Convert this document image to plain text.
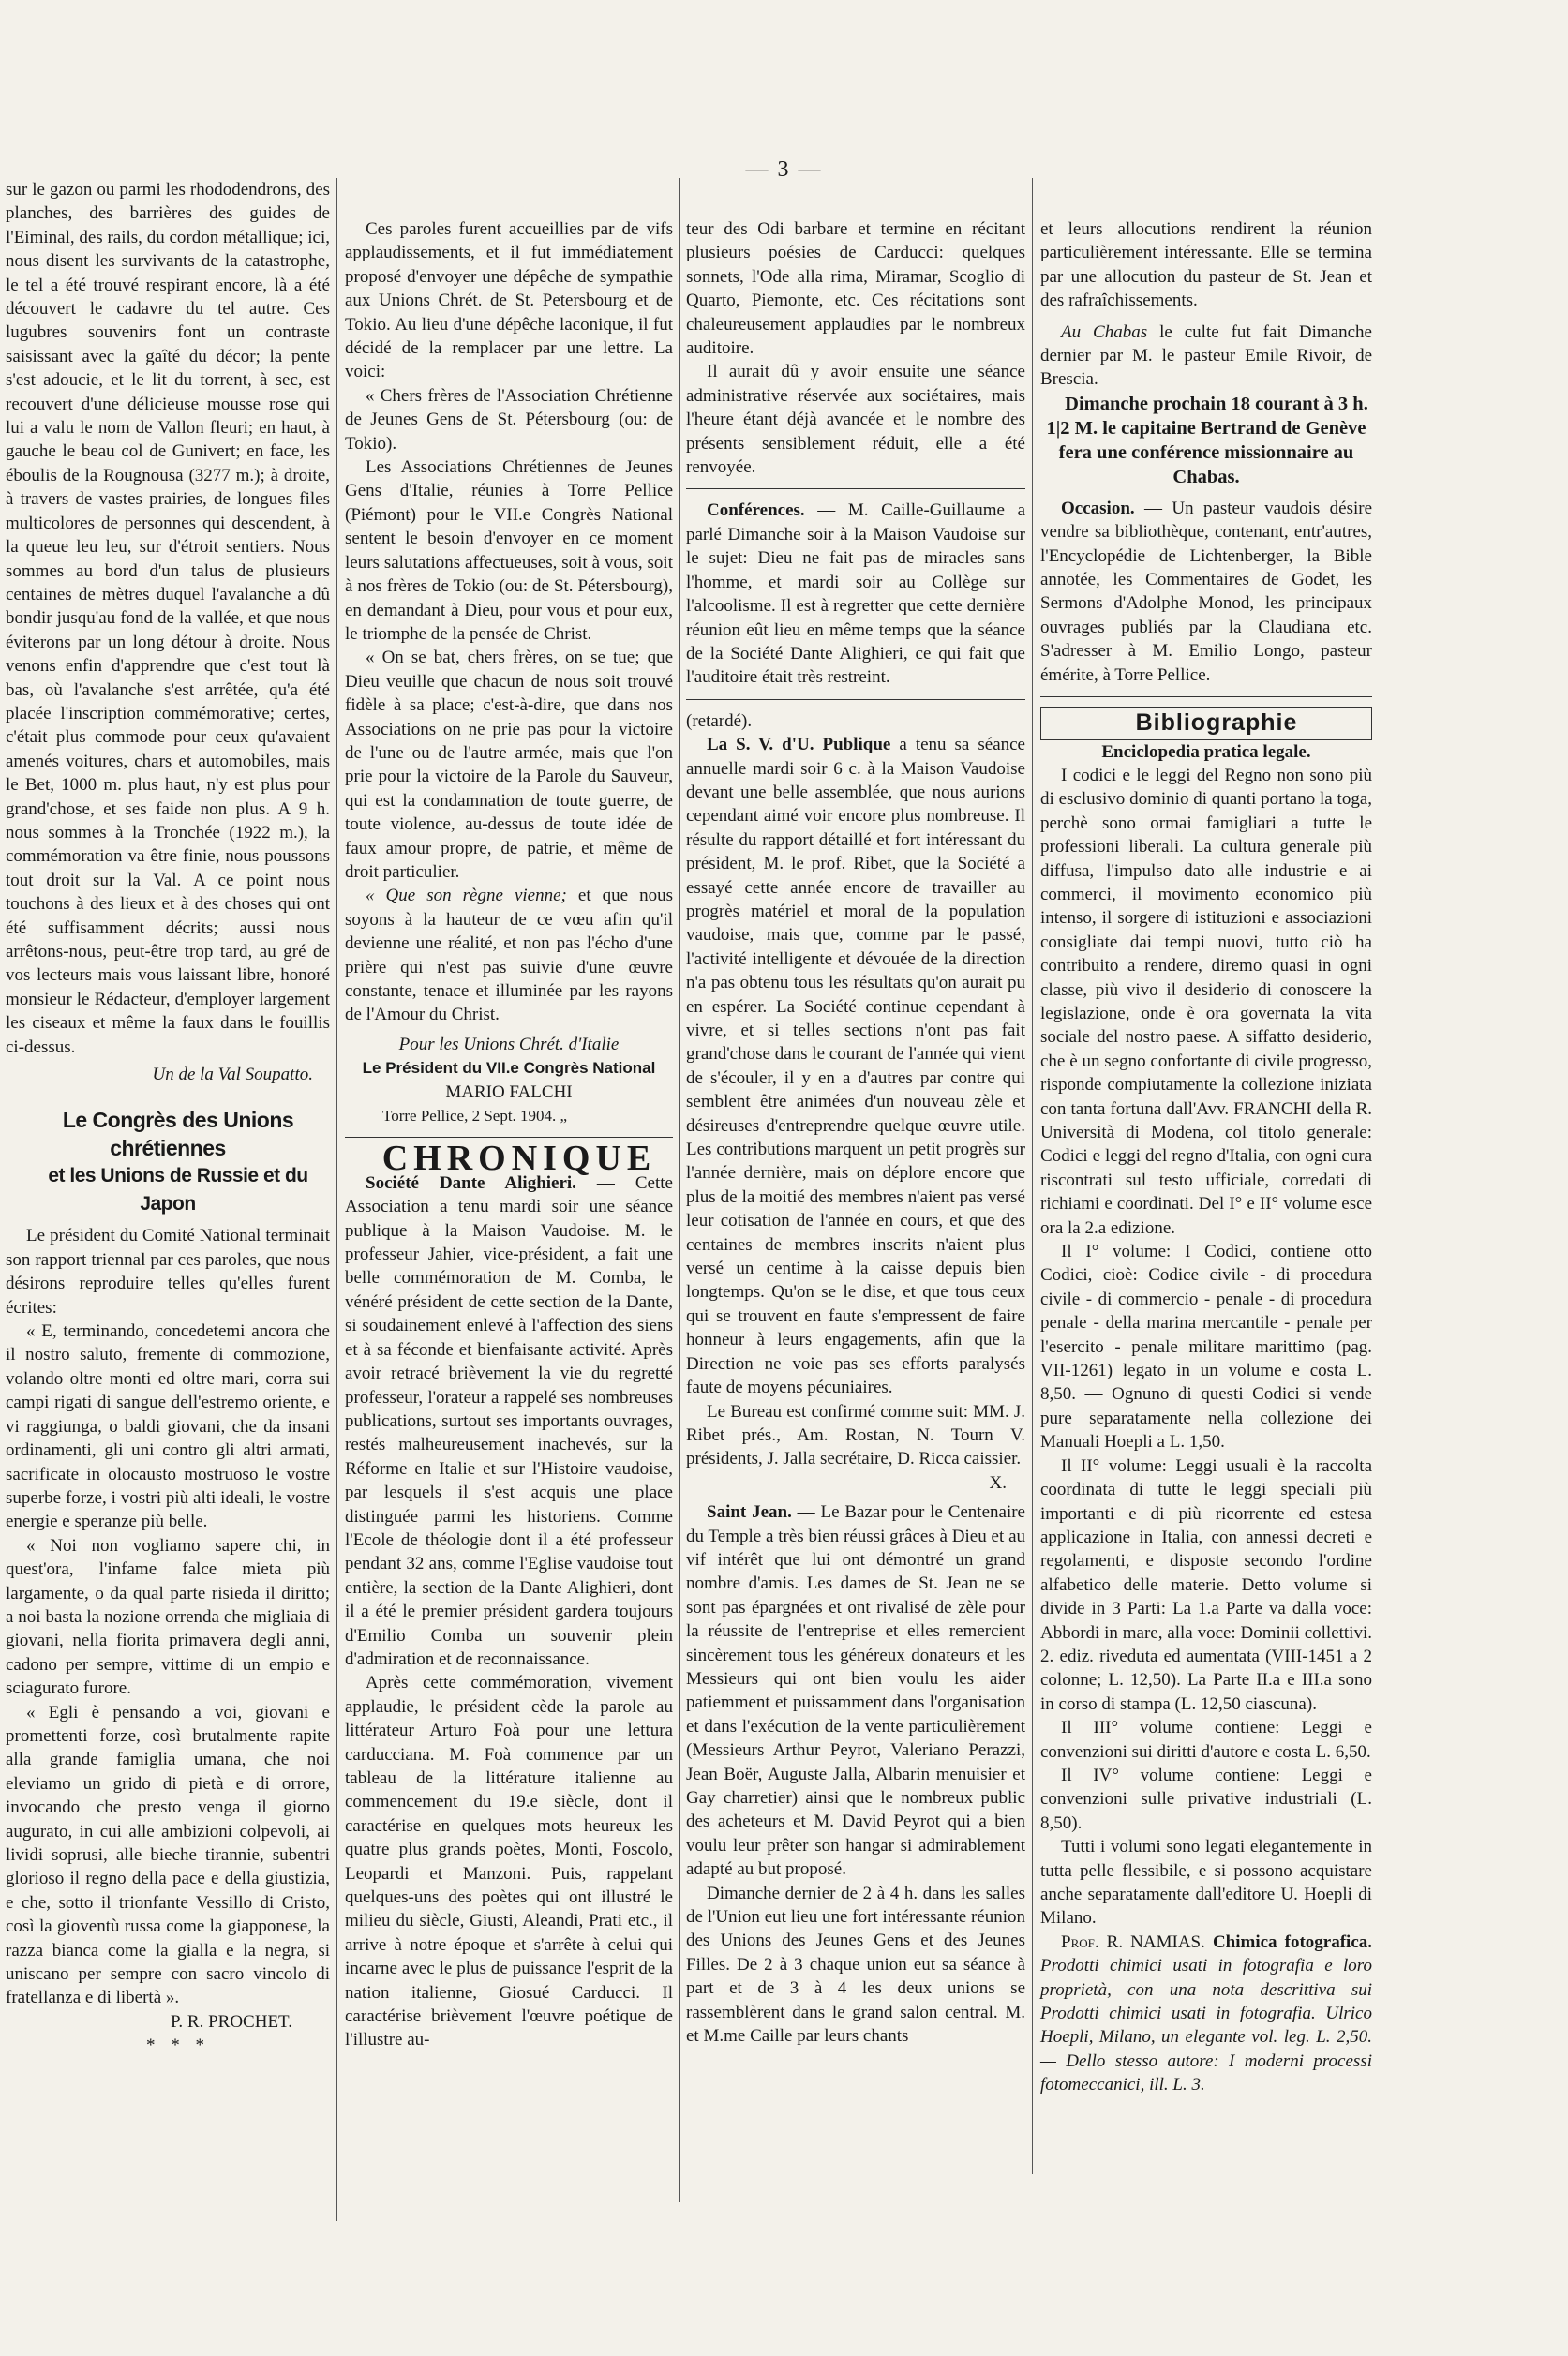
— 3 —

sur le gazon ou parmi les rhododendrons, des planches, des barrières des guides de l'Eiminal, des rails, du cordon métallique; ici, nous disent les survivants de la catastrophe, le tel a été trouvé respirant encore, là a été découvert le cadavre du tel autre. Ces lugubres souvenirs font un contraste saisissant avec la gaîté du décor; la pente s'est adoucie, et le lit du torrent, à sec, est recouvert d'une délicieuse mousse rose qui lui a valu le nom de Vallon fleuri; en haut, à gauche le beau col de Gunivert; en face, les éboulis de la Rougnousa (3277 m.); à droite, à travers de vastes prairies, de longues files multicolores de personnes qui descendent, à la queue leu leu, sur d'étroit sentiers. Nous sommes au bord d'un talus de plusieurs centaines de mètres duquel l'avalanche a dû bondir jusqu'au fond de la vallée, et que nous éviterons par un long détour à droite. Nous venons enfin d'apprendre que c'est tout là bas, où l'avalanche s'est arrêtée, qu'a été placée l'inscription commémorative; certes, c'était plus commode pour ceux qu'avaient amenés voitures, chars et automobiles, mais le Bet, 1000 m. plus haut, n'y est plus pour grand'chose, et ses faide non plus. A 9 h. nous sommes à la Tronchée (1922 m.), la commémoration va être finie, nous poussons tout droit sur la Val. A ce point nous touchons à des lieux et à des choses qui ont été suffisamment décrits; aussi nous arrêtons-nous, peut-être trop tard, au gré de vos lecteurs mais vous laissant libre, honoré monsieur le Rédacteur, d'employer largement les ciseaux et même la faux dans le fouillis ci-dessus.

Un de la Val Soupatto.

Le Congrès des Unions chrétiennes

et les Unions de Russie et du Japon

Le président du Comité National terminait son rapport triennal par ces paroles, que nous désirons reproduire telles qu'elles furent écrites:

« E, terminando, concedetemi ancora che il nostro saluto, fremente di commozione, volando oltre monti ed oltre mari, corra sui campi rigati di sangue dell'estremo oriente, e vi raggiunga, o baldi giovani, che da insani ordinamenti, gli uni contro gli altri armati, sacrificate in olocausto mostruoso le vostre superbe forze, i vostri più alti ideali, le vostre energie e speranze più belle.

« Noi non vogliamo sapere chi, in quest'ora, l'infame falce mieta più largamente, o da qual parte risieda il diritto; a noi basta la nozione orrenda che migliaia di giovani, nella fiorita primavera degli anni, cadono per sempre, vittime di un empio e sciagurato furore.

« Egli è pensando a voi, giovani e promettenti forze, così brutalmente rapite alla grande famiglia umana, che noi eleviamo un grido di pietà e di orrore, invocando che presto venga il giorno augurato, in cui alle ambizioni colpevoli, ai lividi soprusi, alle bieche tirannie, subentri glorioso il regno della pace e della giustizia, e che, sotto il trionfante Vessillo di Cristo, così la gioventù russa come la giapponese, la razza bianca come la gialla e la negra, si uniscano per sempre con sacro vincolo di fratellanza e di libertà ».

P. R. PROCHET.

* * *

Ces paroles furent accueillies par de vifs applaudissements, et il fut immédiatement proposé d'envoyer une dépêche de sympathie aux Unions Chrét. de St. Petersbourg et de Tokio. Au lieu d'une dépêche laconique, il fut décidé de la remplacer par une lettre. La voici:

« Chers frères de l'Association Chrétienne de Jeunes Gens de St. Pétersbourg (ou: de Tokio).

Les Associations Chrétiennes de Jeunes Gens d'Italie, réunies à Torre Pellice (Piémont) pour le VII.e Congrès National sentent le besoin d'envoyer en ce moment leurs salutations affectueuses, soit à vous, soit à nos frères de Tokio (ou: de St. Pétersbourg), en demandant à Dieu, pour vous et pour eux, le triomphe de la pensée de Christ.

« On se bat, chers frères, on se tue; que Dieu veuille que chacun de nous soit trouvé fidèle à sa place; c'est-à-dire, que dans nos Associations on ne prie pas pour la victoire de l'une ou de l'autre armée, mais que l'on prie pour la victoire de la Parole du Sauveur, qui est la condamnation de toute guerre, de toute violence, au-dessus de toute idée de faux amour propre, de patrie, et même de droit particulier.

« Que son règne vienne; et que nous soyons à la hauteur de ce vœu afin qu'il devienne une réalité, et non pas l'écho d'une prière qui n'est pas suivie d'une œuvre constante, tenace et illuminée par les rayons de l'Amour du Christ.

Pour les Unions Chrét. d'Italie

Le Président du VII.e Congrès National

MARIO FALCHI

Torre Pellice, 2 Sept. 1904. „

CHRONIQUE

Société Dante Alighieri. — Cette Association a tenu mardi soir une séance publique à la Maison Vaudoise. M. le professeur Jahier, vice-président, a fait une belle commémoration de M. Comba, le vénéré président de cette section de la Dante, si soudainement enlevé à l'affection des siens et à sa féconde et bienfaisante activité. Après avoir retracé brièvement la vie du regretté professeur, l'orateur a rappelé ses nombreuses publications, surtout ses importants ouvrages, restés malheureusement inachevés, sur la Réforme en Italie et sur l'Histoire vaudoise, par lesquels il s'est acquis une place distinguée parmi les historiens. Comme l'Ecole de théologie dont il a été professeur pendant 32 ans, comme l'Eglise vaudoise tout entière, la section de la Dante Alighieri, dont il a été le premier président gardera toujours d'Emilio Comba un souvenir plein d'admiration et de reconnaissance.

Après cette commémoration, vivement applaudie, le président cède la parole au littérateur Arturo Foà pour une lettura carducciana. M. Foà commence par un tableau de la littérature italienne au commencement du 19.e siècle, dont il caractérise en quelques mots heureux les quatre plus grands poètes, Monti, Foscolo, Leopardi et Manzoni. Puis, rappelant quelques-uns des poètes qui ont illustré le milieu du siècle, Giusti, Aleandi, Prati etc., il arrive à notre époque et s'arrête à celui qui incarne avec le plus de puissance l'esprit de la nation italienne, Giosué Carducci. Il caractérise brièvement l'œuvre poétique de l'illustre au-

teur des Odi barbare et termine en récitant plusieurs poésies de Carducci: quelques sonnets, l'Ode alla rima, Miramar, Scoglio di Quarto, Piemonte, etc. Ces récitations sont chaleureusement applaudies par le nombreux auditoire.

Il aurait dû y avoir ensuite une séance administrative réservée aux sociétaires, mais l'heure étant déjà avancée et le nombre des présents sensiblement réduit, elle a été renvoyée.

Conférences. — M. Caille-Guillaume a parlé Dimanche soir à la Maison Vaudoise sur le sujet: Dieu ne fait pas de miracles sans l'homme, et mardi soir au Collège sur l'alcoolisme. Il est à regretter que cette dernière réunion eût lieu en même temps que la séance de la Société Dante Alighieri, ce qui fait que l'auditoire était très restreint.

(retardé).

La S. V. d'U. Publique a tenu sa séance annuelle mardi soir 6 c. à la Maison Vaudoise devant une belle assemblée, que nous aurions cependant aimé voir encore plus nombreuse. Il résulte du rapport détaillé et fort intéressant du président, M. le prof. Ribet, que la Société a essayé cette année encore de travailler au progrès matériel et moral de la population vaudoise, mais que, comme par le passé, l'activité intelligente et dévouée de la direction n'a pas obtenu tous les résultats qu'on aurait pu en espérer. La Société continue cependant à vivre, et si telles sections n'ont pas fait grand'chose dans le courant de l'année qui vient de s'écouler, il y en a d'autres par contre qui semblent être animées d'un nouveau zèle et désireuses d'entreprendre quelque œuvre utile. Les contributions marquent un petit progrès sur l'année dernière, mais on déplore encore que plus de la moitié des membres n'aient pas versé leur cotisation de l'année en cours, et que des centaines de membres inscrits n'aient plus versé un centime à la caisse depuis bien longtemps. Qu'on se le dise, et que tous ceux qui se trouvent en faute s'empressent de faire honneur à leurs engagements, afin que la Direction ne voie pas ses efforts paralysés faute de moyens pécuniaires.

Le Bureau est confirmé comme suit: MM. J. Ribet prés., Am. Rostan, N. Tourn V. présidents, J. Jalla secrétaire, D. Ricca caissier.

X.

Saint Jean. — Le Bazar pour le Centenaire du Temple a très bien réussi grâces à Dieu et au vif intérêt que lui ont démontré un grand nombre d'amis. Les dames de St. Jean ne se sont pas épargnées et ont rivalisé de zèle pour la réussite de l'entreprise et elles remercient sincèrement tous les généreux donateurs et les Messieurs qui ont bien voulu les aider patiemment et puissamment dans l'organisation et dans l'exécution de la vente particulièrement (Messieurs Arthur Peyrot, Valeriano Perazzi, Jean Boër, Auguste Jalla, Albarin menuisier et Gay charretier) ainsi que le nombreux public des acheteurs et M. David Peyrot qui a bien voulu leur prêter son hangar si admirablement adapté au but proposé.

Dimanche dernier de 2 à 4 h. dans les salles de l'Union eut lieu une fort intéressante réunion des Unions des Jeunes Gens et des Jeunes Filles. De 2 à 3 chaque union eut sa séance à part et de 3 à 4 les deux unions se rassemblèrent dans le grand salon central. M. et M.me Caille par leurs chants

et leurs allocutions rendirent la réunion particulièrement intéressante. Elle se termina par une allocution du pasteur de St. Jean et des rafraîchissements.

Au Chabas le culte fut fait Dimanche dernier par M. le pasteur Emile Rivoir, de Brescia.

Dimanche prochain 18 courant à 3 h. 1|2 M. le capitaine Bertrand de Genève fera une conférence missionnaire au Chabas.

Occasion. — Un pasteur vaudois désire vendre sa bibliothèque, contenant, entr'autres, l'Encyclopédie de Lichtenberger, la Bible annotée, les Commentaires de Godet, les Sermons d'Adolphe Monod, les principaux ouvrages publiés par la Claudiana etc. S'adresser à M. Emilio Longo, pasteur émérite, à Torre Pellice.

Bibliographie

Enciclopedia pratica legale.

I codici e le leggi del Regno non sono più di esclusivo dominio di quanti portano la toga, perchè sono ormai famigliari a tutte le professioni liberali. La cultura generale più diffusa, l'impulso dato alle industrie e ai commerci, il movimento economico più intenso, il sorgere di istituzioni e associazioni consigliate dai tempi nuovi, tutto ciò ha contribuito a rendere, diremo quasi in ogni classe, più vivo il desiderio di conoscere la legislazione, onde è ora governata la vita sociale del nostro paese. A siffatto desiderio, che è un segno confortante di civile progresso, risponde compiutamente la collezione iniziata con tanta fortuna dall'Avv. FRANCHI della R. Università di Modena, col titolo generale: Codici e leggi del regno d'Italia, con ogni cura riscontrati sul testo ufficiale, corredati di richiami e coordinati. Del I° e II° volume esce ora la 2.a edizione.

Il I° volume: I Codici, contiene otto Codici, cioè: Codice civile - di procedura civile - di commercio - penale - di procedura penale - della marina mercantile - penale per l'esercito - penale militare marittimo (pag. VII-1261) legato in un volume e costa L. 8,50. — Ognuno di questi Codici si vende pure separatamente nella collezione dei Manuali Hoepli a L. 1,50.

Il II° volume: Leggi usuali è la raccolta coordinata di tutte le leggi speciali più importanti e di più ricorrente ed estesa applicazione in Italia, con annessi decreti e regolamenti, e disposte secondo l'ordine alfabetico delle materie. Detto volume si divide in 3 Parti: La 1.a Parte va dalla voce: Abbordi in mare, alla voce: Dominii collettivi. 2. ediz. riveduta ed aumentata (VIII-1451 a 2 colonne; L. 12,50). La Parte II.a e III.a sono in corso di stampa (L. 12,50 ciascuna).

Il III° volume contiene: Leggi e convenzioni sui diritti d'autore e costa L. 6,50.

Il IV° volume contiene: Leggi e convenzioni sulle privative industriali (L. 8,50).

Tutti i volumi sono legati elegantemente in tutta pelle flessibile, e si possono acquistare anche separatamente dall'editore U. Hoepli di Milano.

Prof. R. NAMIAS. Chimica fotografica. Prodotti chimici usati in fotografia e loro proprietà, con una nota descrittiva sui Prodotti chimici usati in fotografia. Ulrico Hoepli, Milano, un elegante vol. leg. L. 2,50. — Dello stesso autore: I moderni processi fotomeccanici, ill. L. 3.
